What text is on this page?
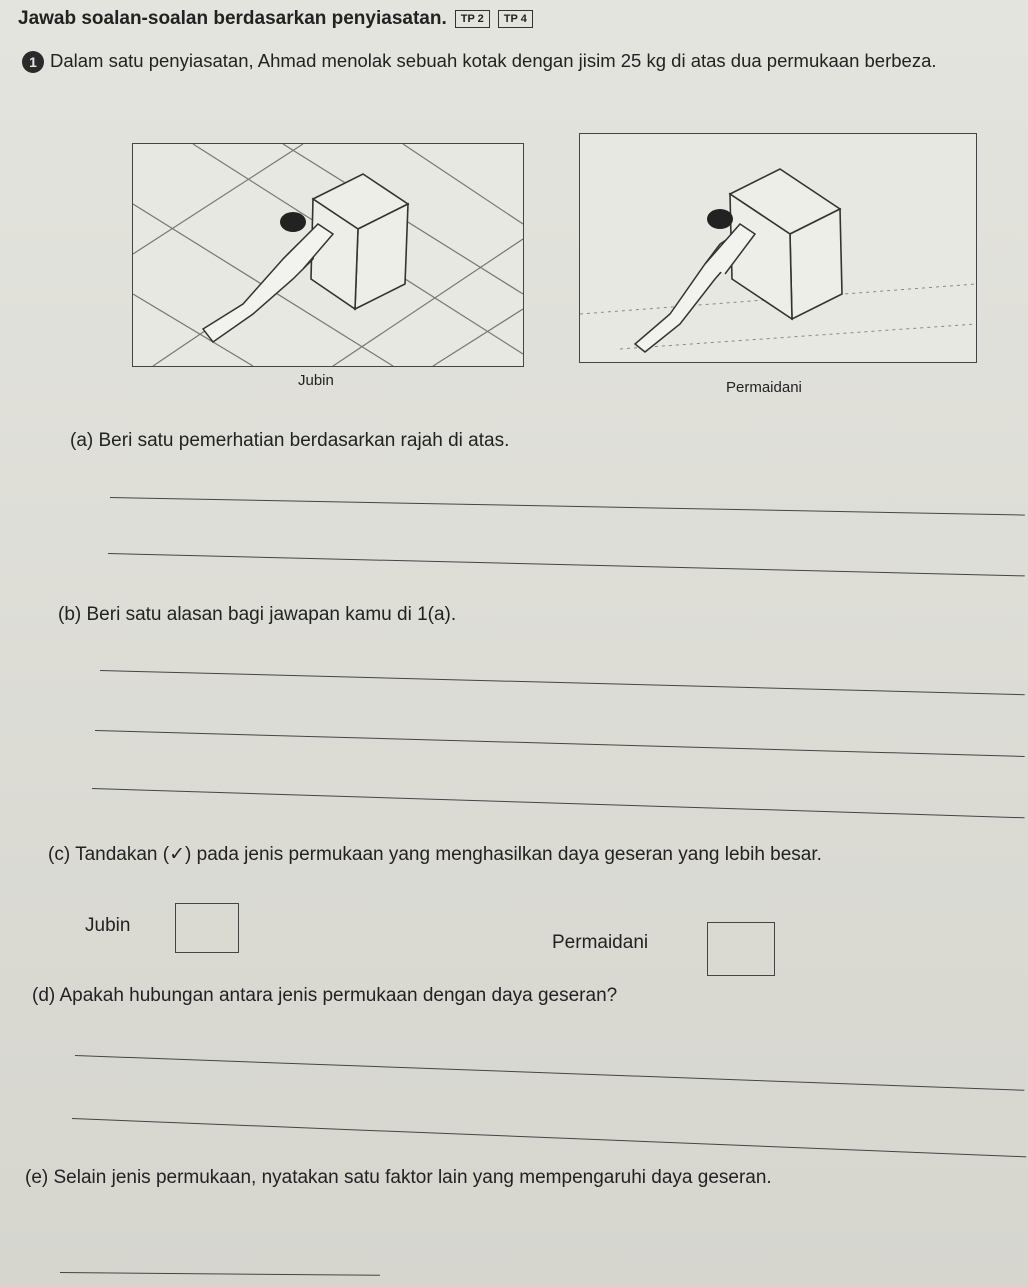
Jawab soalan-soalan berdasarkan penyiasatan.	TP 2	TP 4
1 Dalam satu penyiasatan, Ahmad menolak sebuah kotak dengan jisim 25 kg di atas dua permukaan berbeza.
Jubin	Permaidani
(a) Beri satu pemerhatian berdasarkan rajah di atas.
(b) Beri satu alasan bagi jawapan kamu di 1(a).
(c) Tandakan (✓) pada jenis permukaan yang menghasilkan daya geseran yang lebih besar.
Jubin
Permaidani
(d) Apakah hubungan antara jenis permukaan dengan daya geseran?
(e) Selain jenis permukaan, nyatakan satu faktor lain yang mempengaruhi daya geseran.
